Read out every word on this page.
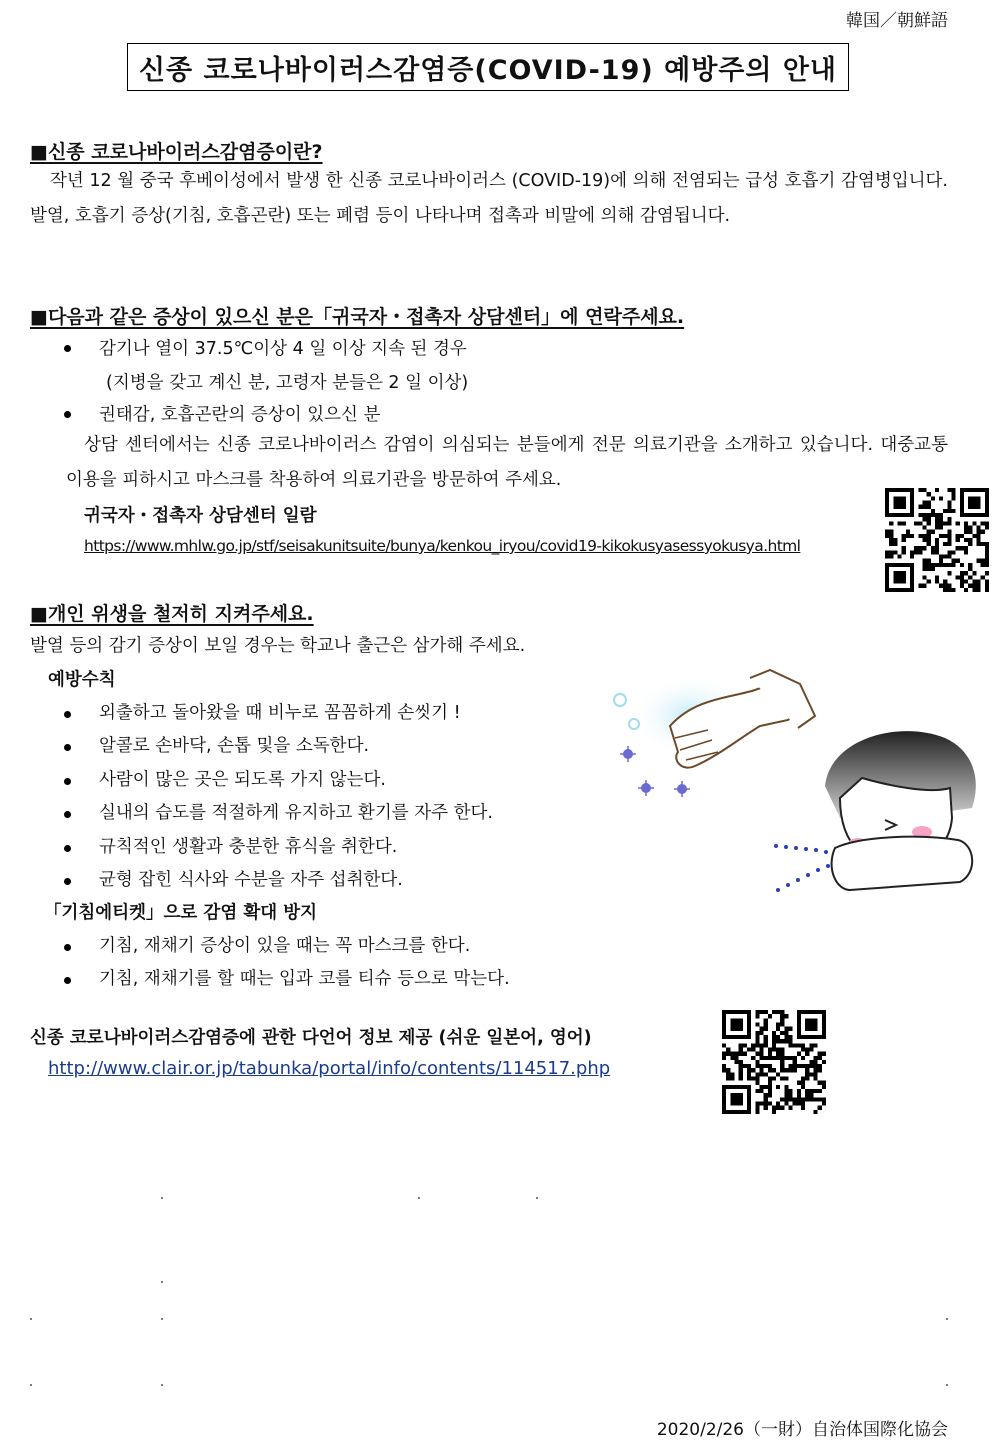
韓国／朝鮮語
신종 코로나바이러스감염증(COVID-19) 예방주의 안내
■신종 코로나바이러스감염증이란?
작년 12 월 중국 후베이성에서 발생 한 신종 코로나바이러스 (COVID-19)에 의해 전염되는 급성 호흡기 감염병입니다. 발열, 호흡기 증상(기침, 호흡곤란) 또는 폐렴 등이 나타나며 접촉과 비말에 의해 감염됩니다.
■다음과 같은 증상이 있으신 분은「귀국자・접촉자 상담센터」에 연락주세요.
감기나 열이 37.5℃이상 4 일 이상 지속 된 경우
(지병을 갖고 계신 분, 고령자 분들은 2 일 이상)
권태감, 호흡곤란의 증상이 있으신 분
상담 센터에서는 신종 코로나바이러스 감염이 의심되는 분들에게 전문 의료기관을 소개하고 있습니다. 대중교통 이용을 피하시고 마스크를 착용하여 의료기관을 방문하여 주세요.
귀국자・접촉자 상담센터 일람
https://www.mhlw.go.jp/stf/seisakunitsuite/bunya/kenkou_iryou/covid19-kikokusyasessyokusya.html
■개인 위생을 철저히 지켜주세요.
발열 등의 감기 증상이 보일 경우는 학교나 출근은 삼가해 주세요.
예방수칙
외출하고 돌아왔을 때 비누로 꼼꼼하게 손씻기 !
알콜로 손바닥, 손톱 및을 소독한다.
사람이 많은 곳은 되도록 가지 않는다.
실내의 습도를 적절하게 유지하고 환기를 자주 한다.
규칙적인 생활과 충분한 휴식을 취한다.
균형 잡힌 식사와 수분을 자주 섭취한다.
「기침에티켓」으로 감염 확대 방지
기침, 재채기 증상이 있을 때는 꼭 마스크를 한다.
기침, 재채기를 할 때는 입과 코를 티슈 등으로 막는다.
신종 코로나바이러스감염증에 관한 다언어 정보 제공 (쉬운 일본어, 영어)
http://www.clair.or.jp/tabunka/portal/info/contents/114517.php
2020/2/26（一財）自治体国際化協会
